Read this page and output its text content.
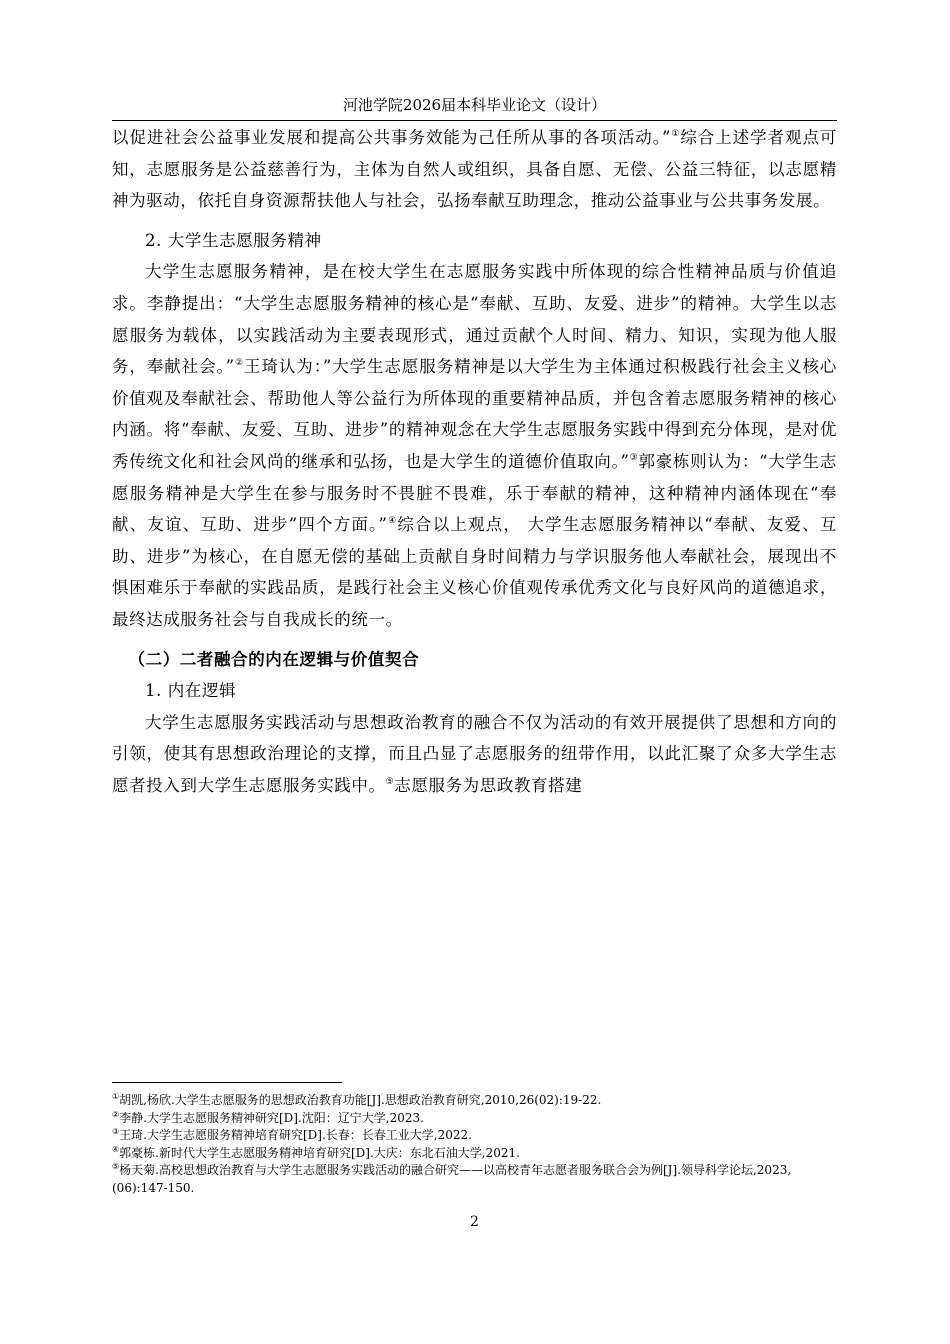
河池学院2026届本科毕业论文（设计）

以促进社会公益事业发展和提高公共事务效能为己任所从事的各项活动。”①综合上述学者观点可知，志愿服务是公益慈善行为，主体为自然人或组织，具备自愿、无偿、公益三特征，以志愿精神为驱动，依托自身资源帮扶他人与社会，弘扬奉献互助理念，推动公益事业与公共事务发展。

2. 大学生志愿服务精神

大学生志愿服务精神，是在校大学生在志愿服务实践中所体现的综合性精神品质与价值追求。李静提出：“大学生志愿服务精神的核心是“奉献、互助、友爱、进步”的精神。大学生以志愿服务为载体，以实践活动为主要表现形式，通过贡献个人时间、精力、知识，实现为他人服务，奉献社会。”②王琦认为：”大学生志愿服务精神是以大学生为主体通过积极践行社会主义核心价值观及奉献社会、帮助他人等公益行为所体现的重要精神品质，并包含着志愿服务精神的核心内涵。将“奉献、友爱、互助、进步”的精神观念在大学生志愿服务实践中得到充分体现，是对优秀传统文化和社会风尚的继承和弘扬，也是大学生的道德价值取向。”③郭豪栋则认为：“大学生志愿服务精神是大学生在参与服务时不畏脏不畏难，乐于奉献的精神，这种精神内涵体现在“奉献、友谊、互助、进步”四个方面。”④综合以上观点， 大学生志愿服务精神以“奉献、友爱、互助、进步”为核心，在自愿无偿的基础上贡献自身时间精力与学识服务他人奉献社会，展现出不惧困难乐于奉献的实践品质，是践行社会主义核心价值观传承优秀文化与良好风尚的道德追求，最终达成服务社会与自我成长的统一。

（二）二者融合的内在逻辑与价值契合

1. 内在逻辑

大学生志愿服务实践活动与思想政治教育的融合不仅为活动的有效开展提供了思想和方向的引领，使其有思想政治理论的支撑，而且凸显了志愿服务的纽带作用，以此汇聚了众多大学生志愿者投入到大学生志愿服务实践中。⑤志愿服务为思政教育搭建

①胡凯,杨欣.大学生志愿服务的思想政治教育功能[J].思想政治教育研究,2010,26(02):19-22.

②李静.大学生志愿服务精神研究[D].沈阳：辽宁大学,2023.

③王琦.大学生志愿服务精神培育研究[D].长春：长春工业大学,2022.

④郭豪栋.新时代大学生志愿服务精神培育研究[D].大庆：东北石油大学,2021.

⑤杨天菊.高校思想政治教育与大学生志愿服务实践活动的融合研究——以高校青年志愿者服务联合会为例[J].领导科学论坛,2023,(06):147-150.

2
